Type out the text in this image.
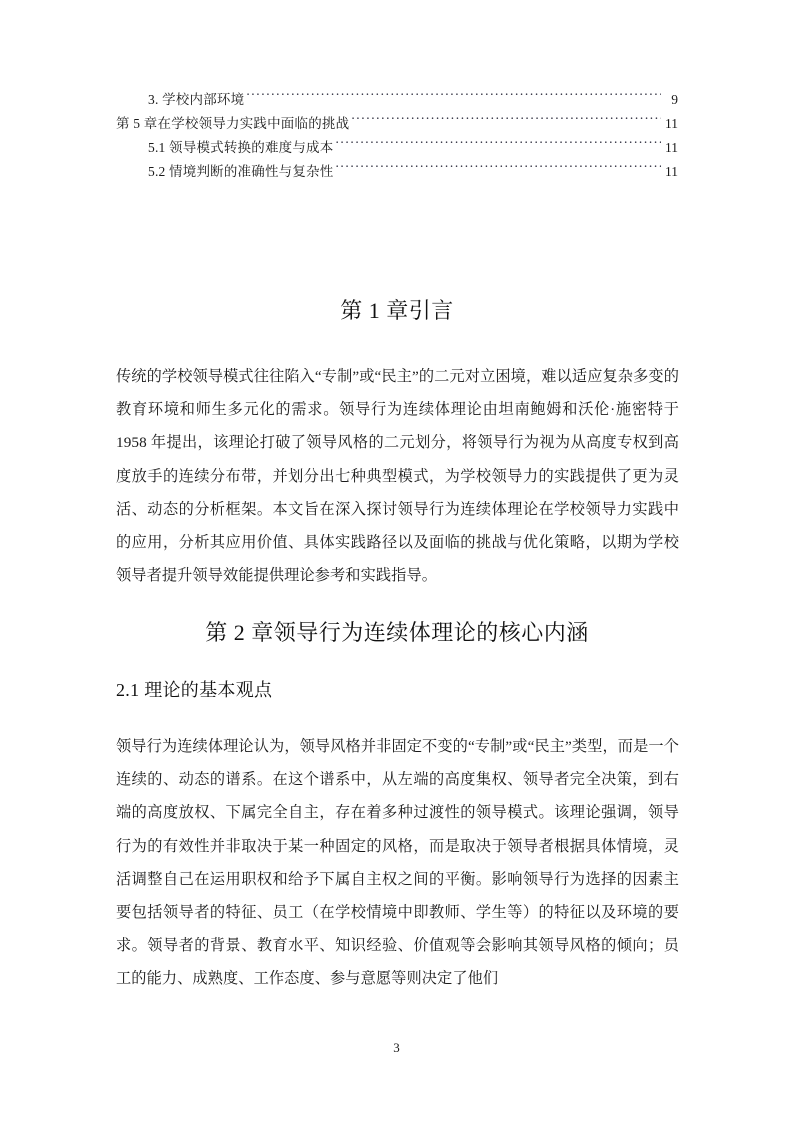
3. 学校内部环境 .....	9
第 5 章在学校领导力实践中面临的挑战 .....	11
5.1 领导模式转换的难度与成本 .....	11
5.2 情境判断的准确性与复杂性 .....	11
第 1 章引言
传统的学校领导模式往往陷入“专制”或“民主”的二元对立困境，难以适应复杂多变的教育环境和师生多元化的需求。领导行为连续体理论由坦南鲍姆和沃伦·施密特于 1958 年提出，该理论打破了领导风格的二元划分，将领导行为视为从高度专权到高度放手的连续分布带，并划分出七种典型模式，为学校领导力的实践提供了更为灵活、动态的分析框架。本文旨在深入探讨领导行为连续体理论在学校领导力实践中的应用，分析其应用价值、具体实践路径以及面临的挑战与优化策略，以期为学校领导者提升领导效能提供理论参考和实践指导。
第 2 章领导行为连续体理论的核心内涵
2.1 理论的基本观点
领导行为连续体理论认为，领导风格并非固定不变的“专制”或“民主”类型，而是一个连续的、动态的谱系。在这个谱系中，从左端的高度集权、领导者完全决策，到右端的高度放权、下属完全自主，存在着多种过渡性的领导模式。该理论强调，领导行为的有效性并非取决于某一种固定的风格，而是取决于领导者根据具体情境，灵活调整自己在运用职权和给予下属自主权之间的平衡。影响领导行为选择的因素主要包括领导者的特征、员工（在学校情境中即教师、学生等）的特征以及环境的要求。领导者的背景、教育水平、知识经验、价值观等会影响其领导风格的倾向；员工的能力、成熟度、工作态度、参与意愿等则决定了他们
3
